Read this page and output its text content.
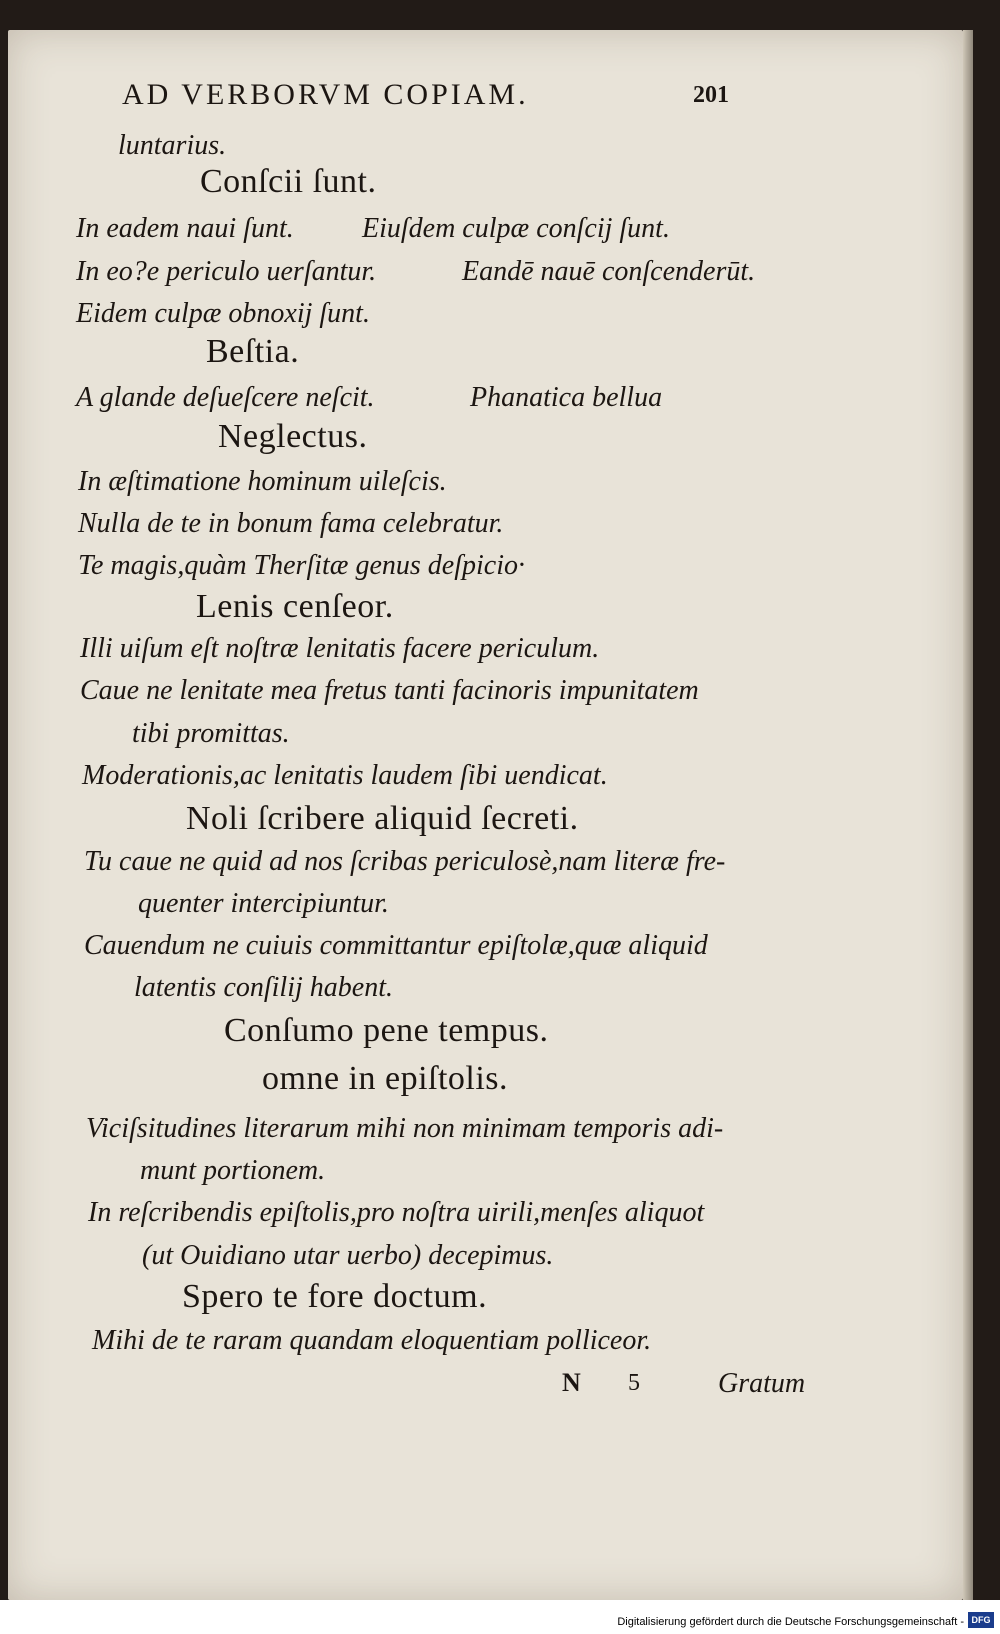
AD VERBORVM COPIAM.	201
luntarius.
Conſcii ſunt.
In eadem naui ſunt. Eiuſdem culpæ conſcij ſunt.
In eo?e periculo uerſantur.	Eandē nauē conſcenderūt.
Eidem culpæ obnoxij ſunt.
Beſtia.
A glande deſueſcere neſcit.	Phanatica bellua
Neglectus.
In æſtimatione hominum uileſcis.
Nulla de te in bonum fama celebratur.
Te magis,quàm Therſitæ genus deſpicio·
Lenis cenſeor.
Illi uiſum eſt noſtræ lenitatis facere periculum.
Caue ne lenitate mea fretus tanti facinoris impunitatem
tibi promittas.
Moderationis,ac lenitatis laudem ſibi uendicat.
Noli ſcribere aliquid ſecreti.
Tu caue ne quid ad nos ſcribas periculosè,nam literæ fre-
quenter intercipiuntur.
Cauendum ne cuiuis committantur epiſtolæ,quæ aliquid
latentis conſilij habent.
Conſumo pene tempus.
omne in epiſtolis.
Viciſsitudines literarum mihi non minimam temporis adi-
munt portionem.
In reſcribendis epiſtolis,pro noſtra uirili,menſes aliquot
(ut Ouidiano utar uerbo) decepimus.
Spero te fore doctum.
Mihi de te raram quandam eloquentiam polliceor.
N 5	Gratum
Digitalisierung gefördert durch die Deutsche Forschungsgemeinschaft - DFG
